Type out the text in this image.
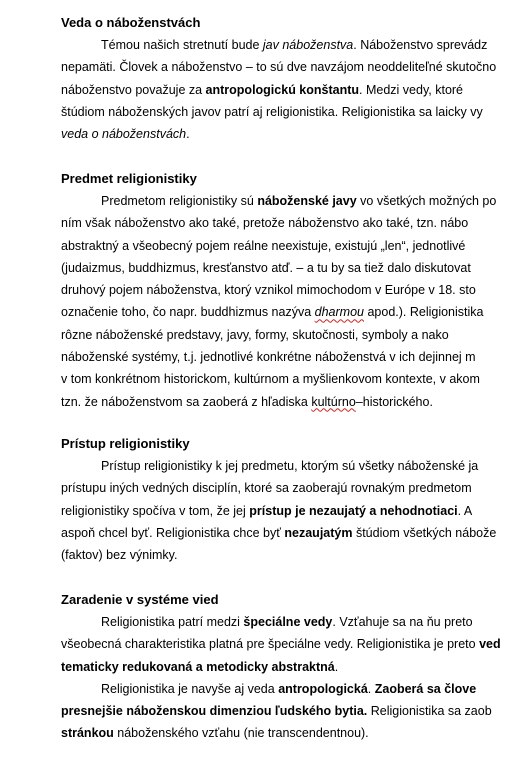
Veda o náboženstvách
Témou našich stretnutí bude jav náboženstva. Náboženstvo sprevádz
nepamäti. Človek a náboženstvo – to sú dve navzájom neoddeliteľné skutočno
náboženstvo považuje za antropologickú konštantu. Medzi vedy, ktoré
štúdiom náboženských javov patrí aj religionistika. Religionistika sa laicky vy
veda o náboženstvách.
Predmet religionistiky
Predmetom religionistiky sú náboženské javy vo všetkých možných po
ním však náboženstvo ako také, pretože náboženstvo ako také, tzn. nábo
abstraktný a všeobecný pojem reálne neexistuje, existujú „len“, jednotlivé
(judaizmus, buddhizmus, kresťanstvo atď. – a tu by sa tiež dalo diskutovat
druhový pojem náboženstva, ktorý vznikol mimochodom v Európe v 18. sto
označenie toho, čo napr. buddhizmus nazýva dharmou apod.). Religionistika
rôzne náboženské predstavy, javy, formy, skutočnosti, symboly a nako
náboženské systémy, t.j. jednotlivé konkrétne náboženstvá v ich dejinnej m
v tom konkrétnom historickom, kultúrnom a myšlienkovom kontexte, v akom
tzn. že náboženstvom sa zaoberá z hľadiska kultúrno–historického.
Prístup religionistiky
Prístup religionistiky k jej predmetu, ktorým sú všetky náboženské ja
prístupu iných vedných disciplín, ktoré sa zaoberajú rovnakým predmetom
religionistiky spočíva v tom, že jej prístup je nezaujatý a nehodnotiaci. A
aspoň chcel byť. Religionistika chce byť nezaujatým štúdiom všetkých nábože
(faktov) bez výnimky.
Zaradenie v systéme vied
Religionistika patrí medzi špeciálne vedy. Vzťahuje sa na ňu preto
všeobecná charakteristika platná pre špeciálne vedy. Religionistika je preto ved
tematicky redukovaná a metodicky abstraktná.
Religionistika je navyše aj veda antropologická. Zaoberá sa člove
presnejšie náboženskou dimenziou ľudského bytia. Religionistika sa zaob
stránkou náboženského vzťahu (nie transcendentnou).
